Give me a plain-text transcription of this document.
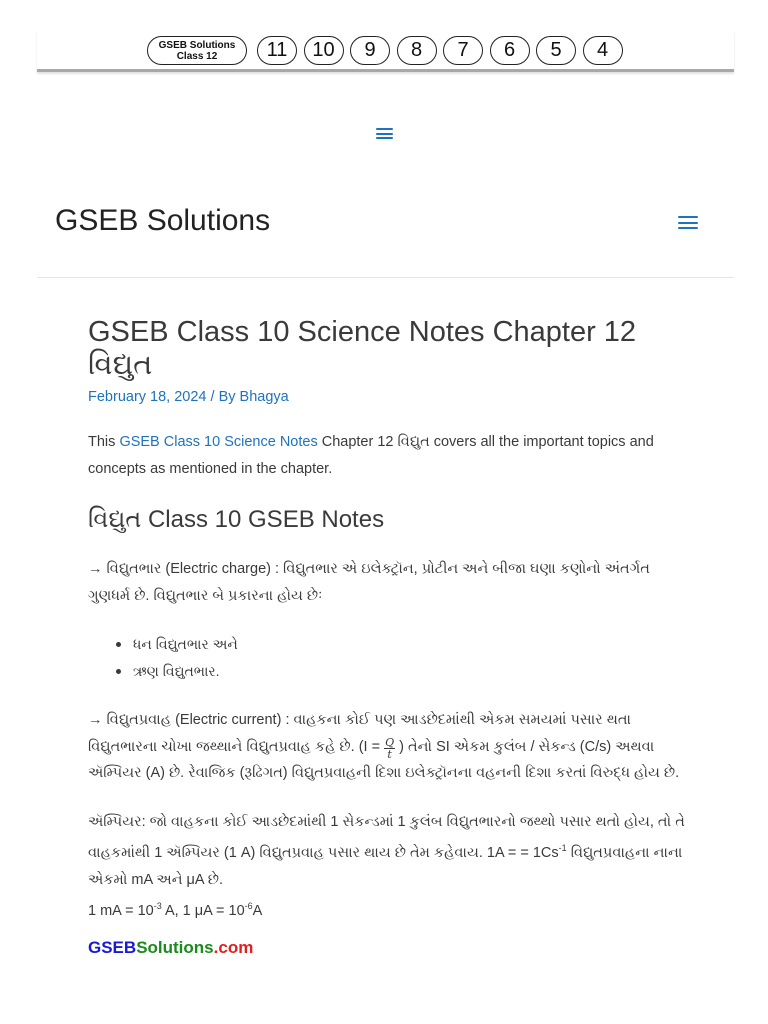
GSEB Solutions
Class 12	11	10	9	8	7	6	5	4
GSEB Solutions
GSEB Class 10 Science Notes Chapter 12 વિદ્યુત
February 18, 2024 / By Bhagya

This GSEB Class 10 Science Notes Chapter 12 વિદ્યુત covers all the important topics and concepts as mentioned in the chapter.

વિદ્યુત Class 10 GSEB Notes

→ વિદ્યુતભાર (Electric charge) : વિદ્યુતભાર એ ઇલેક્ટ્રૉન, પ્રોટીન અને બીજા ઘણા કણોનો અંતર્ગત ગુણધર્મ છે. વિદ્યુતભાર બે પ્રકારના હોય છેઃ

ધન વિદ્યુતભાર અને
ઋણ વિદ્યુતભાર.

→ વિદ્યુતપ્રવાહ (Electric current) : વાહકના કોઈ પણ આડછેદમાંથી એકમ સમયમાં પસાર થતા વિદ્યુતભારના ચોખા જથ્થાને વિદ્યુતપ્રવાહ કહે છે. ($I = \frac{Q}{t}$ ) તેનો SI એકમ કુલંબ / સેકન્ડ (C/s) અથવા ઍમ્પિયર (A) છે. રેવાજિક (રૂઢિગત) વિદ્યુતપ્રવાહની દિશા ઇલેક્ટ્રૉનના વહનની દિશા કરતાં વિરુદ્ધ હોય છે.

ઍમ્પિયર: જો વાહકના કોઈ આડછેદમાંથી 1 સેકન્ડમાં 1 કુલંબ વિદ્યુતભારનો જથ્થો પસાર થતો હોય, તો તે વાહકમાંથી 1 ઍમ્પિયર (1 A) વિદ્યુતપ્રવાહ પસાર થાય છે તેમ કહેવાય. 1A = = $1Cs^{-1}$ વિદ્યુતપ્રવાહના નાના એકમો mA અને μA છે.
1 mA = $10^{-3}$ A, 1 $\mu A = 10^{-6}A$

GSEBSolutions.com
